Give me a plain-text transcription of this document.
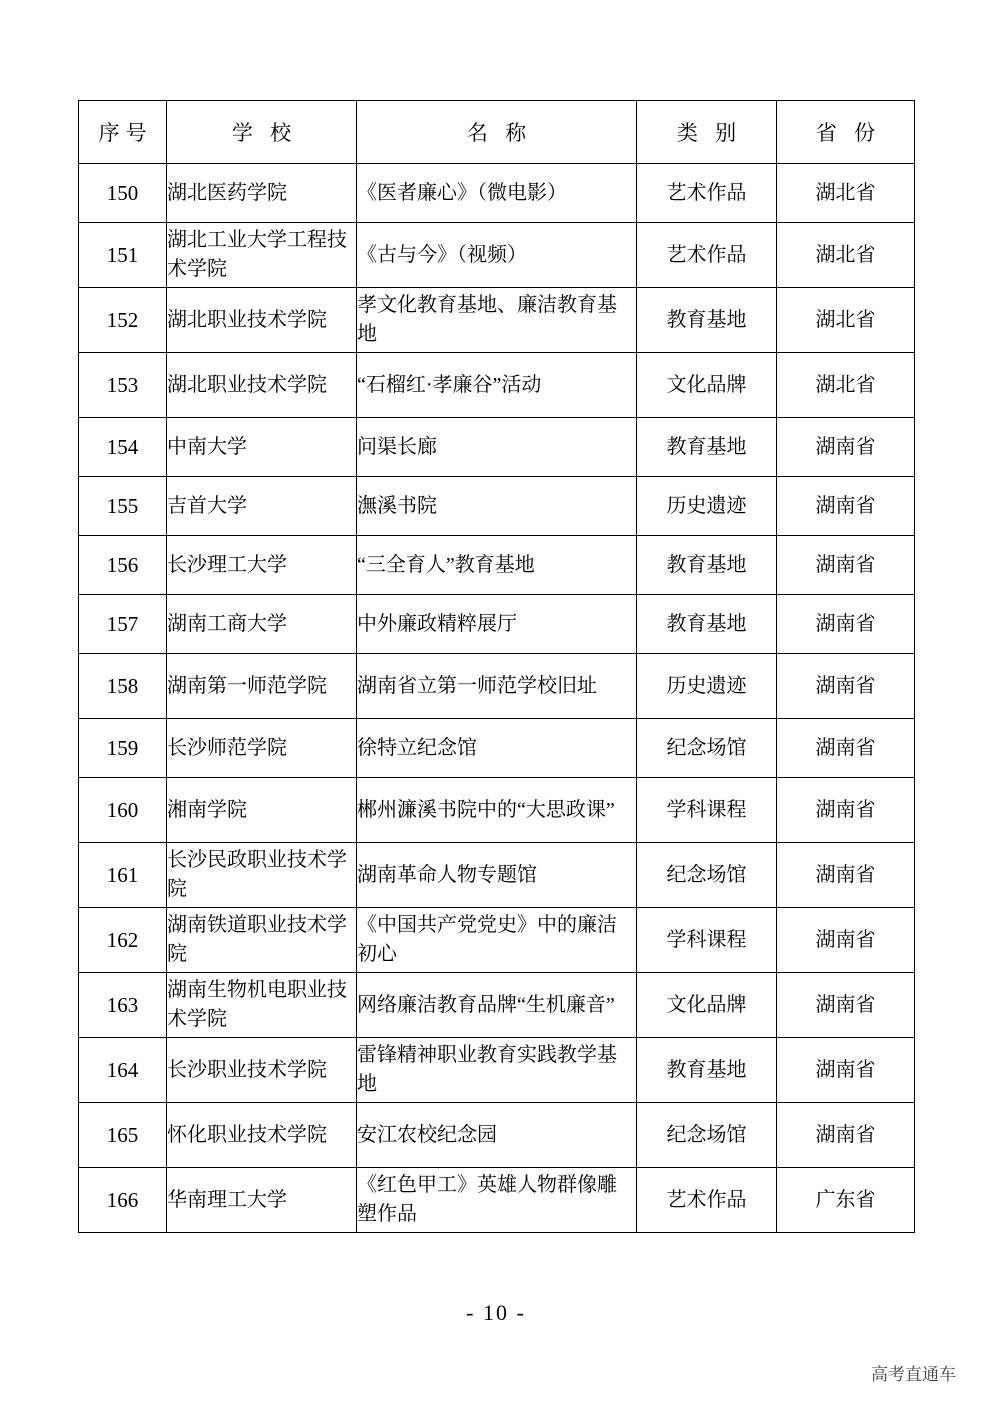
序号	学 校	名 称	类 别	省 份
150	湖北医药学院	《医者廉心》（微电影）	艺术作品	湖北省
151	湖北工业大学工程技术学院	《古与今》（视频）	艺术作品	湖北省
152	湖北职业技术学院	孝文化教育基地、廉洁教育基地	教育基地	湖北省
153	湖北职业技术学院	“石榴红·孝廉谷”活动	文化品牌	湖北省
154	中南大学	问渠长廊	教育基地	湖南省
155	吉首大学	潕溪书院	历史遗迹	湖南省
156	长沙理工大学	“三全育人”教育基地	教育基地	湖南省
157	湖南工商大学	中外廉政精粹展厅	教育基地	湖南省
158	湖南第一师范学院	湖南省立第一师范学校旧址	历史遗迹	湖南省
159	长沙师范学院	徐特立纪念馆	纪念场馆	湖南省
160	湘南学院	郴州濂溪书院中的“大思政课”	学科课程	湖南省
161	长沙民政职业技术学院	湖南革命人物专题馆	纪念场馆	湖南省
162	湖南铁道职业技术学院	《中国共产党党史》中的廉洁初心	学科课程	湖南省
163	湖南生物机电职业技术学院	网络廉洁教育品牌“生机廉音”	文化品牌	湖南省
164	长沙职业技术学院	雷锋精神职业教育实践教学基地	教育基地	湖南省
165	怀化职业技术学院	安江农校纪念园	纪念场馆	湖南省
166	华南理工大学	《红色甲工》英雄人物群像雕塑作品	艺术作品	广东省
- 10 -
高考直通车
